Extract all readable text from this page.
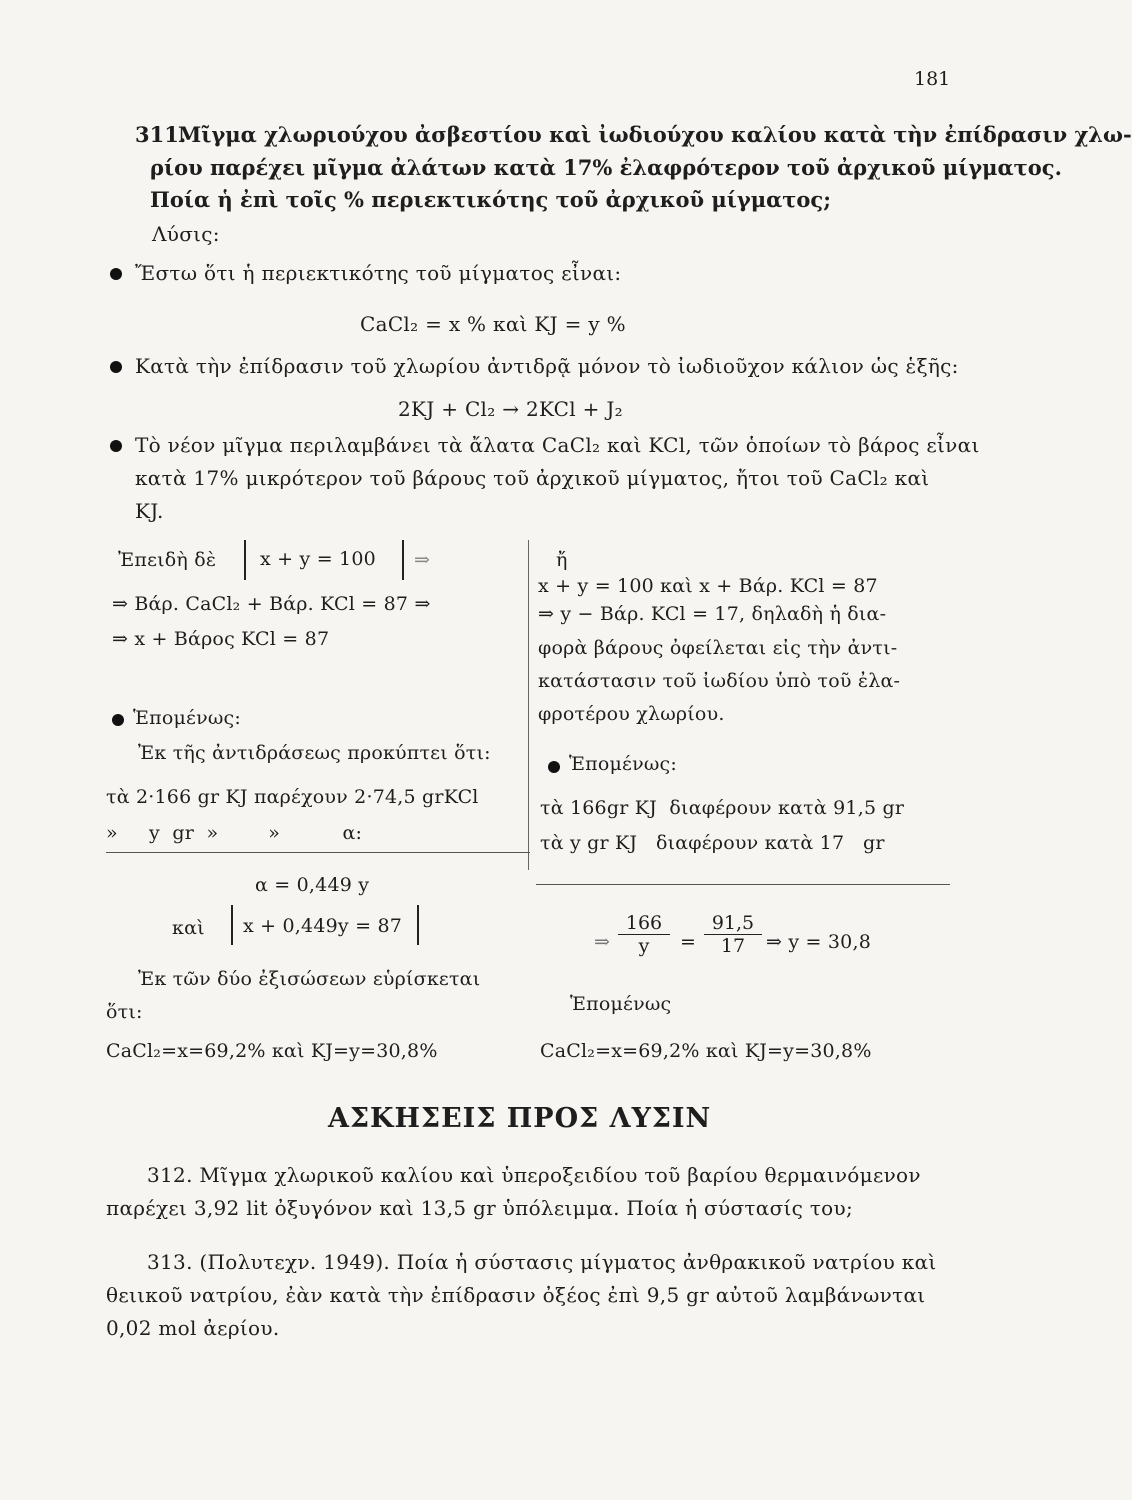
181
311.
Μῖγμα χλωριούχου ἀσβεστίου καὶ ἰωδιούχου καλίου κατὰ τὴν ἐπίδρασιν χλω-
ρίου παρέχει μῖγμα ἀλάτων κατὰ 17% ἐλαφρότερον τοῦ ἀρχικοῦ μίγματος.
Ποία ἡ ἐπὶ τοῖς % περιεκτικότης τοῦ ἀρχικοῦ μίγματος;
Λύσις:
Ἔστω ὅτι ἡ περιεκτικότης τοῦ μίγματος εἶναι:
CaCl₂ = x % καὶ KJ = y %
Κατὰ τὴν ἐπίδρασιν τοῦ χλωρίου ἀντιδρᾷ μόνον τὸ ἰωδιοῦχον κάλιον ὡς ἑξῆς:
2KJ + Cl₂ → 2KCl + J₂
Τὸ νέον μῖγμα περιλαμβάνει τὰ ἄλατα CaCl₂ καὶ KCl, τῶν ὁποίων τὸ βάρος εἶναι
κατὰ 17% μικρότερον τοῦ βάρους τοῦ ἀρχικοῦ μίγματος, ἤτοι τοῦ CaCl₂ καὶ
KJ.
Ἐπειδὴ δὲ x + y = 100 ⇒
⇒ Βάρ. CaCl₂ + Βάρ. KCl = 87 ⇒
⇒ x + Βάρος KCl = 87
Ἑπομένως:
Ἐκ τῆς ἀντιδράσεως προκύπτει ὅτι:
τὰ 2·166 gr KJ παρέχουν 2·74,5 grKCl
»     y  gr  »        »          α:
α = 0,449 y
καὶ x + 0,449y = 87
Ἐκ τῶν δύο ἐξισώσεων εὑρίσκεται
ὅτι:
CaCl₂=x=69,2% καὶ KJ=y=30,8%
ἤ
x + y = 100 καὶ x + Βάρ. KCl = 87
⇒ y − Βάρ. KCl = 17, δηλαδὴ ἡ δια-
φορὰ βάρους ὀφείλεται εἰς τὴν ἀντι-
κατάστασιν τοῦ ἰωδίου ὑπὸ τοῦ ἐλα-
φροτέρου χλωρίου.
Ἑπομένως:
τὰ 166gr KJ  διαφέρουν κατὰ 91,5 gr
τὰ y gr KJ   διαφέρουν κατὰ 17   gr
⇒ $\frac{166}{y} = \frac{91,5}{17}$ ⇒ y = 30,8
Ἑπομένως
CaCl₂=x=69,2% καὶ KJ=y=30,8%
ΑΣΚΗΣΕΙΣ ΠΡΟΣ ΛΥΣΙΝ
312. Μῖγμα χλωρικοῦ καλίου καὶ ὑπεροξειδίου τοῦ βαρίου θερμαινόμενον
παρέχει 3,92 lit ὀξυγόνον καὶ 13,5 gr ὑπόλειμμα. Ποία ἡ σύστασίς του;
313. (Πολυτεχν. 1949). Ποία ἡ σύστασις μίγματος ἀνθρακικοῦ νατρίου καὶ
θειικοῦ νατρίου, ἐὰν κατὰ τὴν ἐπίδρασιν ὀξέος ἐπὶ 9,5 gr αὐτοῦ λαμβάνωνται
0,02 mol ἀερίου.
